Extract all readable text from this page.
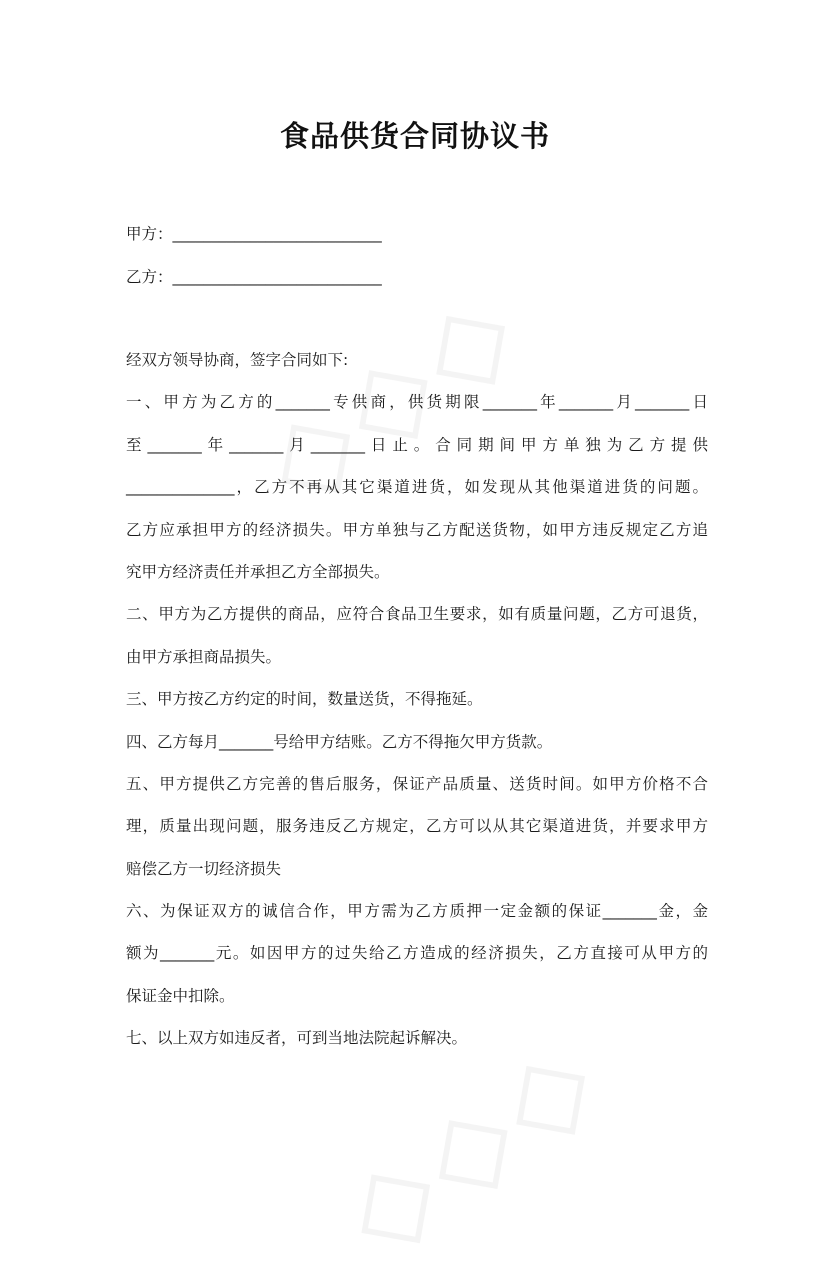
食品供货合同协议书
甲方：___________________________
乙方：___________________________
经双方领导协商，签字合同如下:
一、甲方为乙方的_______专供商，供货期限_______年_______月_______日
至_______年_______月_______日止。合同期间甲方单独为乙方提供
______________，乙方不再从其它渠道进货，如发现从其他渠道进货的问题。
乙方应承担甲方的经济损失。甲方单独与乙方配送货物，如甲方违反规定乙方追
究甲方经济责任并承担乙方全部损失。
二、甲方为乙方提供的商品，应符合食品卫生要求，如有质量问题，乙方可退货，
由甲方承担商品损失。
三、甲方按乙方约定的时间，数量送货，不得拖延。
四、乙方每月_______号给甲方结账。乙方不得拖欠甲方货款。
五、甲方提供乙方完善的售后服务，保证产品质量、送货时间。如甲方价格不合
理，质量出现问题，服务违反乙方规定，乙方可以从其它渠道进货，并要求甲方
赔偿乙方一切经济损失
六、为保证双方的诚信合作，甲方需为乙方质押一定金额的保证_______金，金
额为_______元。如因甲方的过失给乙方造成的经济损失，乙方直接可从甲方的
保证金中扣除。
七、以上双方如违反者，可到当地法院起诉解决。
